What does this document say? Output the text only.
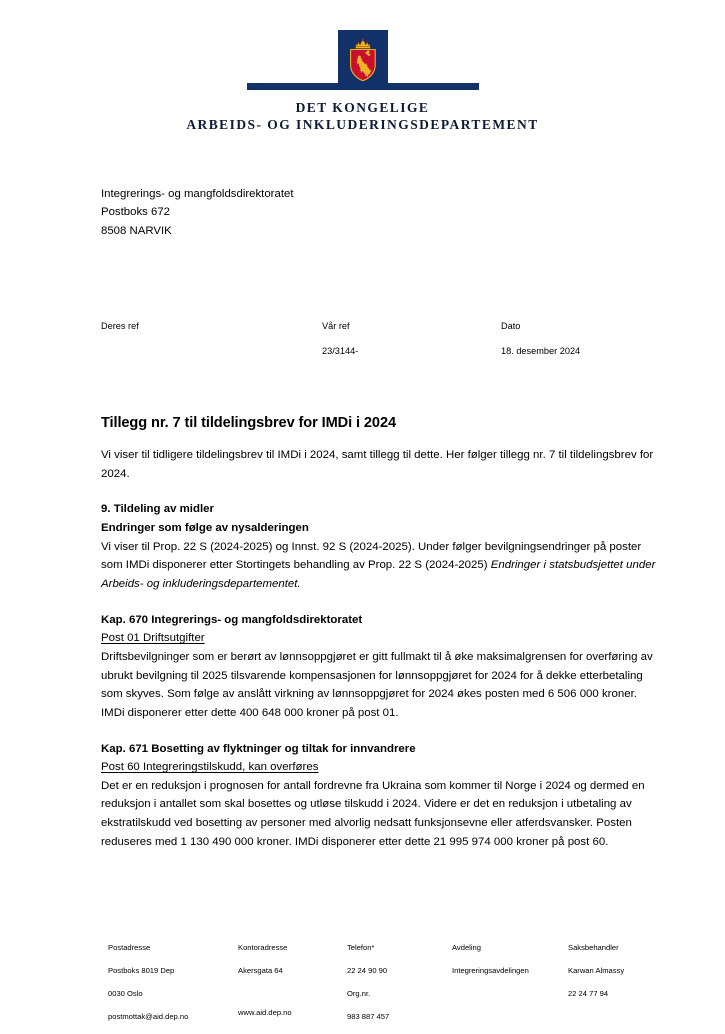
DET KONGELIGE
ARBEIDS- OG INKLUDERINGSDEPARTEMENT
Integrerings- og mangfoldsdirektoratet
Postboks 672
8508 NARVIK
Deres ref	Vår ref
23/3144-
Dato
18. desember 2024
Tillegg nr. 7 til tildelingsbrev for IMDi i 2024

Vi viser til tidligere tildelingsbrev til IMDi i 2024, samt tillegg til dette. Her følger tillegg nr. 7 til tildelingsbrev for 2024.

9. Tildeling av midler
Endringer som følge av nysalderingen

Vi viser til Prop. 22 S (2024-2025) og Innst. 92 S (2024-2025). Under følger bevilgningsendringer på poster som IMDi disponerer etter Stortingets behandling av Prop. 22 S (2024-2025) Endringer i statsbudsjettet under Arbeids- og inkluderingsdepartementet.

Kap. 670 Integrerings- og mangfoldsdirektoratet
Post 01 Driftsutgifter

Driftsbevilgninger som er berørt av lønnsoppgjøret er gitt fullmakt til å øke maksimalgrensen for overføring av ubrukt bevilgning til 2025 tilsvarende kompensasjonen for lønnsoppgjøret for 2024 for å dekke etterbetaling som skyves. Som følge av anslått virkning av lønnsoppgjøret for 2024 økes posten med 6 506 000 kroner. IMDi disponerer etter dette 400 648 000 kroner på post 01.

Kap. 671 Bosetting av flyktninger og tiltak for innvandrere
Post 60 Integreringstilskudd, kan overføres

Det er en reduksjon i prognosen for antall fordrevne fra Ukraina som kommer til Norge i 2024 og dermed en reduksjon i antallet som skal bosettes og utløse tilskudd i 2024. Videre er det en reduksjon i utbetaling av ekstratilskudd ved bosetting av personer med alvorlig nedsatt funksjonsevne eller atferdsvansker. Posten reduseres med 1 130 490 000 kroner. IMDi disponerer etter dette 21 995 974 000 kroner på post 60.

Postadresse

Postboks 8019 Dep

0030 Oslo

postmottak@aid.dep.no

Kontoradresse

Akersgata 64

www.aid.dep.no

Telefon*

22 24 90 90

Org.nr.

983 887 457

Avdeling

Integreringsavdelingen

Saksbehandler

Karwan Almassy

22 24 77 94
